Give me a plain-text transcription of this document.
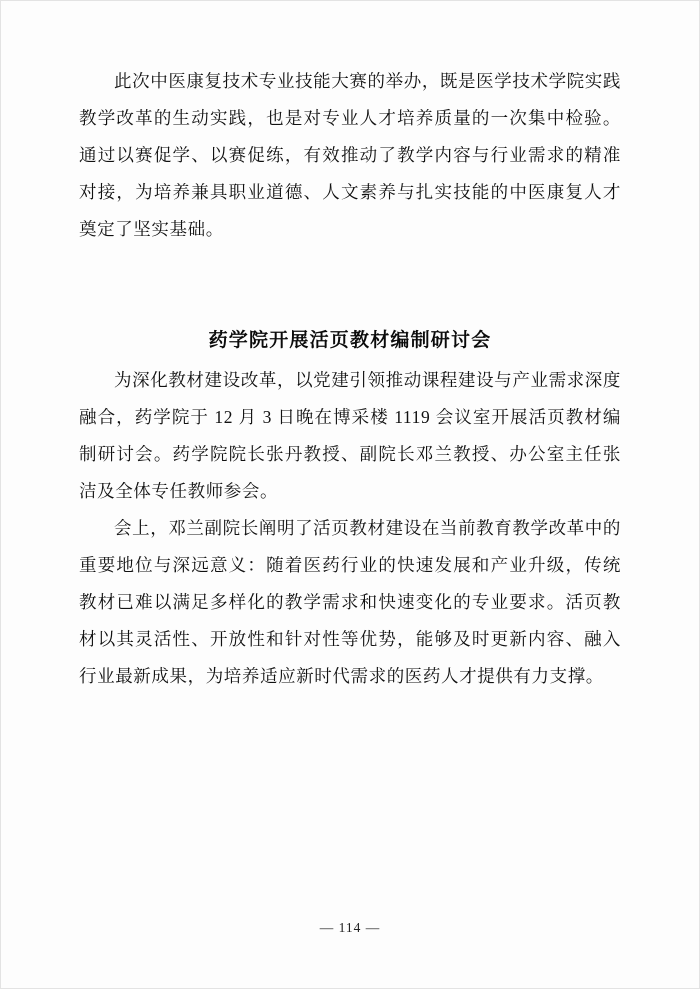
此次中医康复技术专业技能大赛的举办，既是医学技术学院实践教学改革的生动实践，也是对专业人才培养质量的一次集中检验。通过以赛促学、以赛促练，有效推动了教学内容与行业需求的精准对接，为培养兼具职业道德、人文素养与扎实技能的中医康复人才奠定了坚实基础。

药学院开展活页教材编制研讨会

为深化教材建设改革，以党建引领推动课程建设与产业需求深度融合，药学院于 12 月 3 日晚在博采楼 1119 会议室开展活页教材编制研讨会。药学院院长张丹教授、副院长邓兰教授、办公室主任张洁及全体专任教师参会。

会上，邓兰副院长阐明了活页教材建设在当前教育教学改革中的重要地位与深远意义：随着医药行业的快速发展和产业升级，传统教材已难以满足多样化的教学需求和快速变化的专业要求。活页教材以其灵活性、开放性和针对性等优势，能够及时更新内容、融入行业最新成果，为培养适应新时代需求的医药人才提供有力支撑。

— 114 —
